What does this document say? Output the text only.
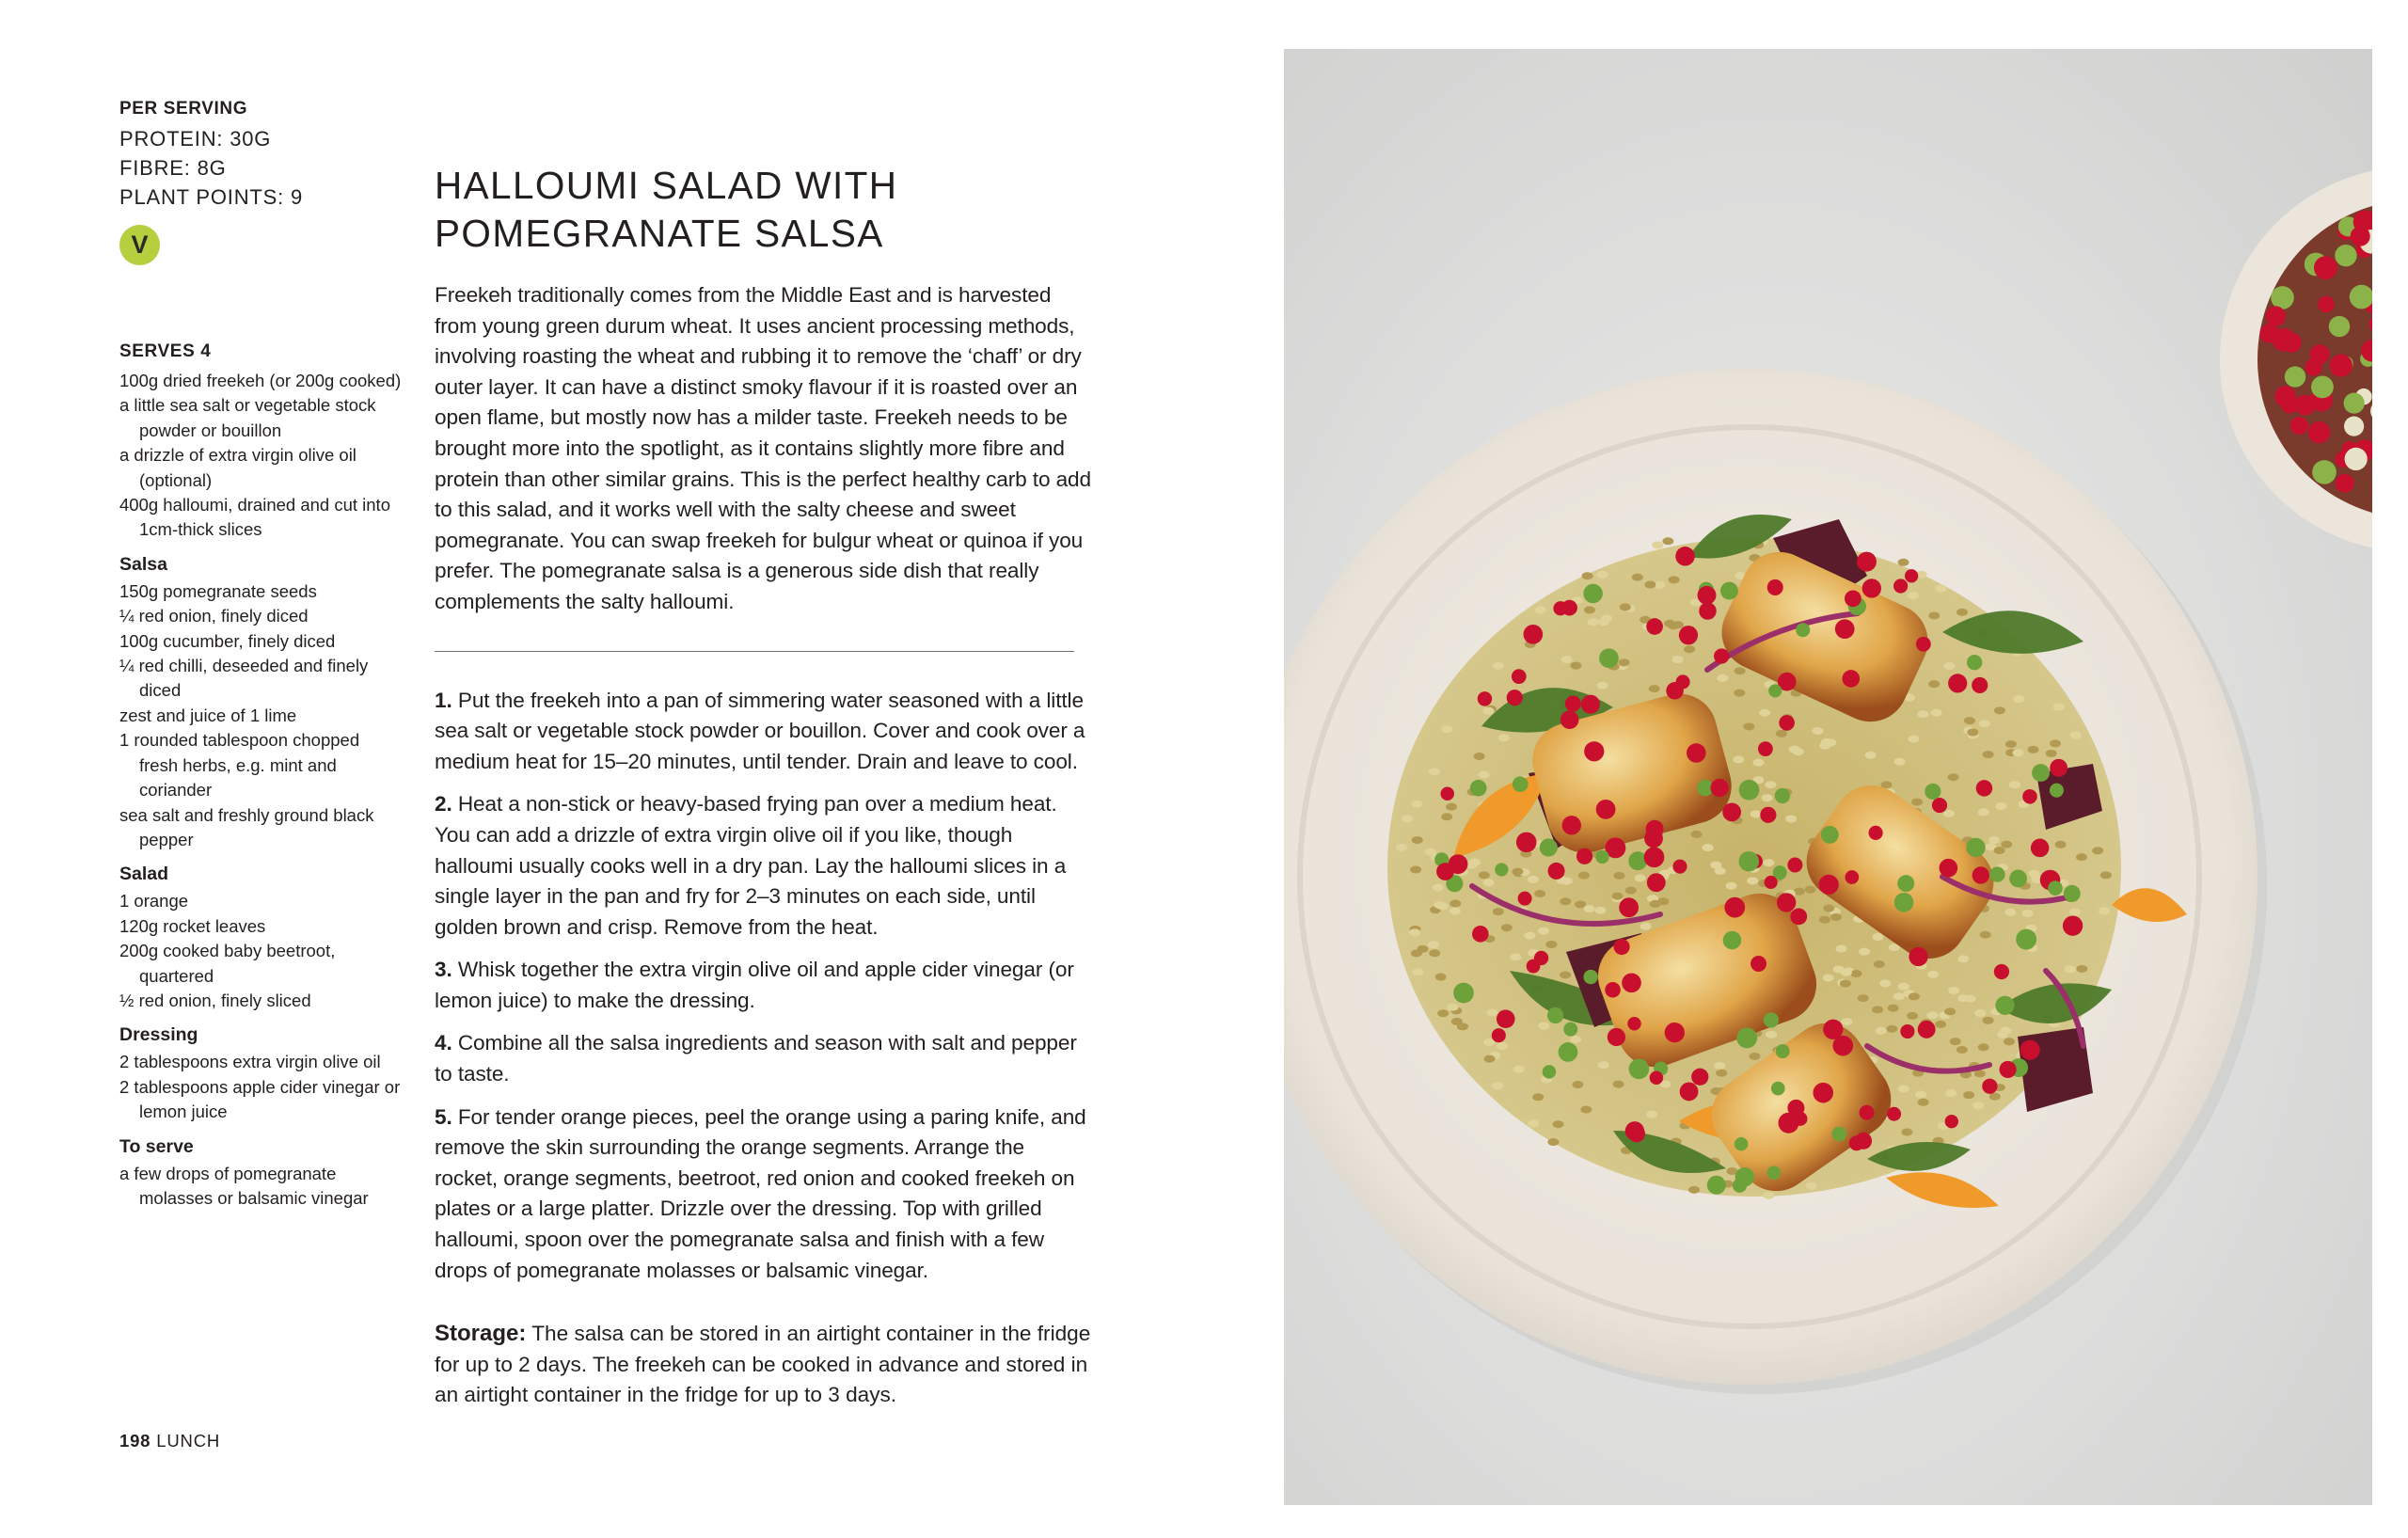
PER SERVING

PROTEIN: 30G

FIBRE: 8G

PLANT POINTS: 9

V

SERVES 4

100g dried freekeh (or 200g cooked)

a little sea salt or vegetable stock powder or bouillon

a drizzle of extra virgin olive oil (optional)

400g halloumi, drained and cut into 1cm-thick slices

Salsa

150g pomegranate seeds

¼ red onion, finely diced

100g cucumber, finely diced

¼ red chilli, deseeded and finely diced

zest and juice of 1 lime

1 rounded tablespoon chopped fresh herbs, e.g. mint and coriander

sea salt and freshly ground black pepper

Salad

1 orange

120g rocket leaves

200g cooked baby beetroot, quartered

½ red onion, finely sliced

Dressing

2 tablespoons extra virgin olive oil

2 tablespoons apple cider vinegar or lemon juice

To serve

a few drops of pomegranate molasses or balsamic vinegar

198 LUNCH
HALLOUMI SALAD WITH POMEGRANATE SALSA

Freekeh traditionally comes from the Middle East and is harvested from young green durum wheat. It uses ancient processing methods, involving roasting the wheat and rubbing it to remove the ‘chaff’ or dry outer layer. It can have a distinct smoky flavour if it is roasted over an open flame, but mostly now has a milder taste. Freekeh needs to be brought more into the spotlight, as it contains slightly more fibre and protein than other similar grains. This is the perfect healthy carb to add to this salad, and it works well with the salty cheese and sweet pomegranate. You can swap freekeh for bulgur wheat or quinoa if you prefer. The pomegranate salsa is a generous side dish that really complements the salty halloumi.

1. Put the freekeh into a pan of simmering water seasoned with a little sea salt or vegetable stock powder or bouillon. Cover and cook over a medium heat for 15–20 minutes, until tender. Drain and leave to cool.

2. Heat a non-stick or heavy-based frying pan over a medium heat. You can add a drizzle of extra virgin olive oil if you like, though halloumi usually cooks well in a dry pan. Lay the halloumi slices in a single layer in the pan and fry for 2–3 minutes on each side, until golden brown and crisp. Remove from the heat.

3. Whisk together the extra virgin olive oil and apple cider vinegar (or lemon juice) to make the dressing.

4. Combine all the salsa ingredients and season with salt and pepper to taste.

5. For tender orange pieces, peel the orange using a paring knife, and remove the skin surrounding the orange segments. Arrange the rocket, orange segments, beetroot, red onion and cooked freekeh on plates or a large platter. Drizzle over the dressing. Top with grilled halloumi, spoon over the pomegranate salsa and finish with a few drops of pomegranate molasses or balsamic vinegar.

Storage: The salsa can be stored in an airtight container in the fridge for up to 2 days. The freekeh can be cooked in advance and stored in an airtight container in the fridge for up to 3 days.
